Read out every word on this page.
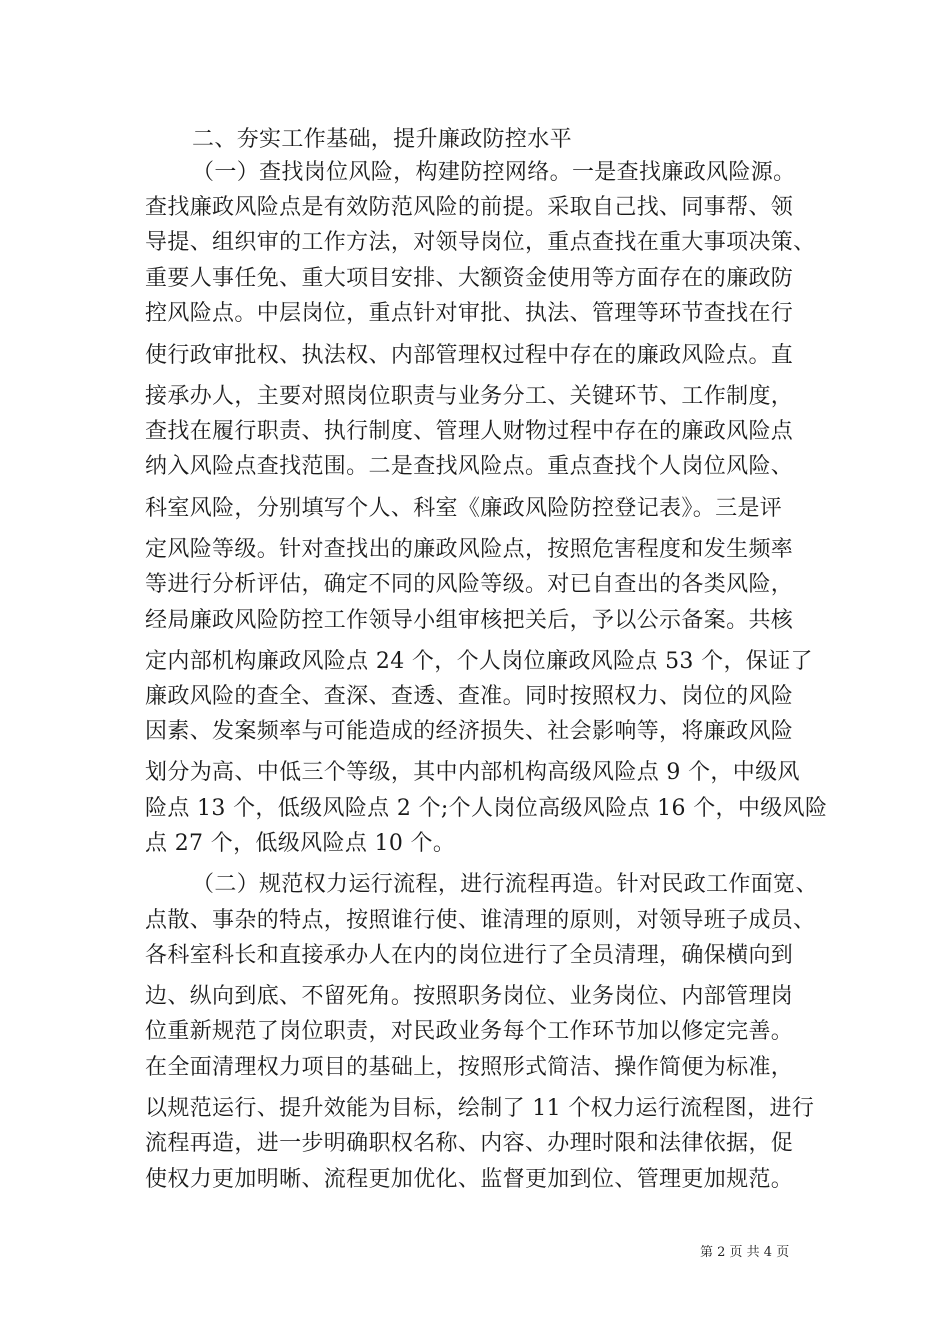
二、夯实工作基础，提升廉政防控水平
（一）查找岗位风险，构建防控网络。一是查找廉政风险源。
查找廉政风险点是有效防范风险的前提。采取自己找、同事帮、领
导提、组织审的工作方法，对领导岗位，重点查找在重大事项决策、
重要人事任免、重大项目安排、大额资金使用等方面存在的廉政防
控风险点。中层岗位，重点针对审批、执法、管理等环节查找在行
使行政审批权、执法权、内部管理权过程中存在的廉政风险点。直
接承办人，主要对照岗位职责与业务分工、关键环节、工作制度，
查找在履行职责、执行制度、管理人财物过程中存在的廉政风险点
纳入风险点查找范围。二是查找风险点。重点查找个人岗位风险、
科室风险，分别填写个人、科室《廉政风险防控登记表》。三是评
定风险等级。针对查找出的廉政风险点，按照危害程度和发生频率
等进行分析评估，确定不同的风险等级。对已自查出的各类风险，
经局廉政风险防控工作领导小组审核把关后，予以公示备案。共核
定内部机构廉政风险点 24 个，个人岗位廉政风险点 53 个，保证了
廉政风险的查全、查深、查透、查准。同时按照权力、岗位的风险
因素、发案频率与可能造成的经济损失、社会影响等，将廉政风险
划分为高、中低三个等级，其中内部机构高级风险点 9 个，中级风
险点 13 个，低级风险点 2 个;个人岗位高级风险点 16 个，中级风险
点 27 个，低级风险点 10 个。
（二）规范权力运行流程，进行流程再造。针对民政工作面宽、
点散、事杂的特点，按照谁行使、谁清理的原则，对领导班子成员、
各科室科长和直接承办人在内的岗位进行了全员清理，确保横向到
边、纵向到底、不留死角。按照职务岗位、业务岗位、内部管理岗
位重新规范了岗位职责，对民政业务每个工作环节加以修定完善。
在全面清理权力项目的基础上，按照形式简洁、操作简便为标准，
以规范运行、提升效能为目标，绘制了 11 个权力运行流程图，进行
流程再造，进一步明确职权名称、内容、办理时限和法律依据，促
使权力更加明晰、流程更加优化、监督更加到位、管理更加规范。
第 2 页 共 4 页
